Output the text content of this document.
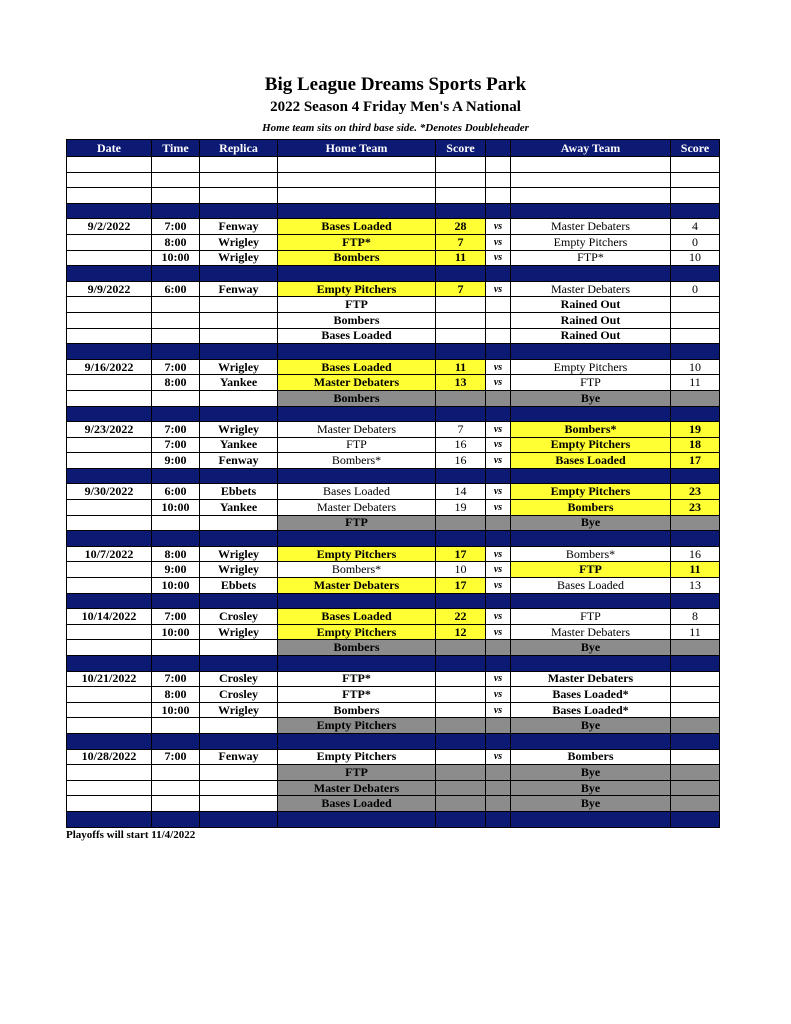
Big League Dreams Sports Park
2022 Season 4 Friday Men's A National
Home team sits on third base side. *Denotes Doubleheader
Date	Time	Replica	Home Team	Score		Away Team	Score

9/2/2022	7:00	Fenway	Bases Loaded	28	vs	Master Debaters	4
	8:00	Wrigley	FTP*	7	vs	Empty Pitchers	0
	10:00	Wrigley	Bombers	11	vs	FTP*	10

9/9/2022	6:00	Fenway	Empty Pitchers	7	vs	Master Debaters	0
			FTP			Rained Out	
			Bombers			Rained Out	
			Bases Loaded			Rained Out	

9/16/2022	7:00	Wrigley	Bases Loaded	11	vs	Empty Pitchers	10
	8:00	Yankee	Master Debaters	13	vs	FTP	11
			Bombers			Bye	

9/23/2022	7:00	Wrigley	Master Debaters	7	vs	Bombers*	19
	7:00	Yankee	FTP	16	vs	Empty Pitchers	18
	9:00	Fenway	Bombers*	16	vs	Bases Loaded	17

9/30/2022	6:00	Ebbets	Bases Loaded	14	vs	Empty Pitchers	23
	10:00	Yankee	Master Debaters	19	vs	Bombers	23
			FTP			Bye	

10/7/2022	8:00	Wrigley	Empty Pitchers	17	vs	Bombers*	16
	9:00	Wrigley	Bombers*	10	vs	FTP	11
	10:00	Ebbets	Master Debaters	17	vs	Bases Loaded	13

10/14/2022	7:00	Crosley	Bases Loaded	22	vs	FTP	8
	10:00	Wrigley	Empty Pitchers	12	vs	Master Debaters	11
			Bombers			Bye	

10/21/2022	7:00	Crosley	FTP*		vs	Master Debaters	
	8:00	Crosley	FTP*		vs	Bases Loaded*	
	10:00	Wrigley	Bombers		vs	Bases Loaded*	
			Empty Pitchers			Bye	

10/28/2022	7:00	Fenway	Empty Pitchers		vs	Bombers	
			FTP			Bye	
			Master Debaters			Bye	
			Bases Loaded			Bye	

Playoffs will start 11/4/2022
